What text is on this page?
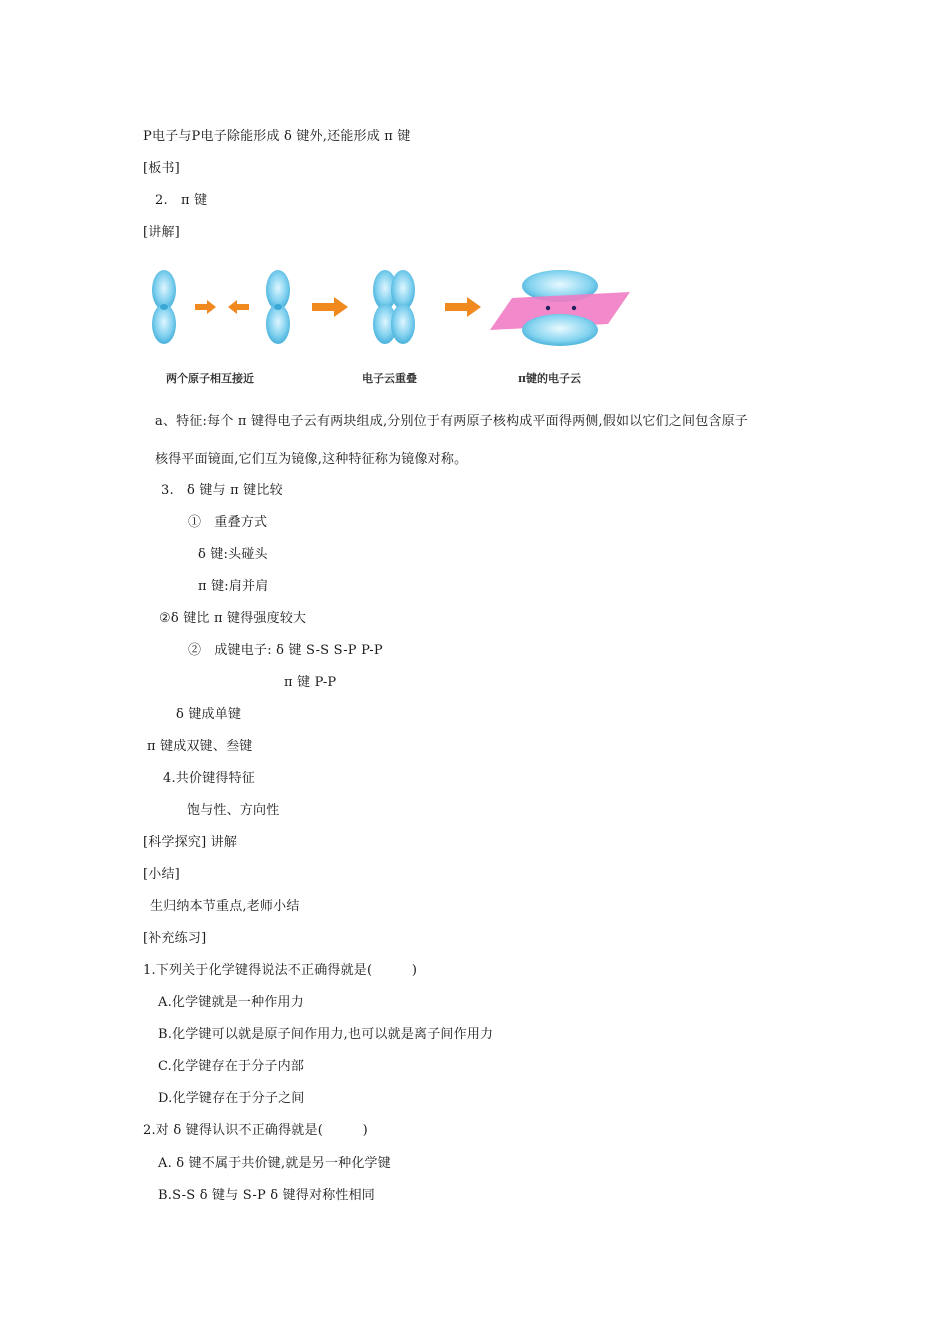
P电子与P电子除能形成 δ 键外,还能形成 π 键
[板书]
2.　π 键
[讲解]
两个原子相互接近	电子云重叠	π键的电子云
a、特征:每个 π 键得电子云有两块组成,分别位于有两原子核构成平面得两侧,假如以它们之间包含原子
核得平面镜面,它们互为镜像,这种特征称为镜像对称。
3.　δ 键与 π 键比较
①　重叠方式
δ 键:头碰头
π 键:肩并肩
②δ 键比 π 键得强度较大
②　成键电子: δ 键 S-S S-P P-P
π 键 P-P
δ 键成单键
π 键成双键、叁键
4.共价键得特征
饱与性、方向性
[科学探究] 讲解
[小结]
生归纳本节重点,老师小结
[补充练习]
1.下列关于化学键得说法不正确得就是(　　　)
A.化学键就是一种作用力
B.化学键可以就是原子间作用力,也可以就是离子间作用力
C.化学键存在于分子内部
D.化学键存在于分子之间
2.对 δ 键得认识不正确得就是(　　　)
A. δ 键不属于共价键,就是另一种化学键
B.S-S δ 键与 S-P δ 键得对称性相同
